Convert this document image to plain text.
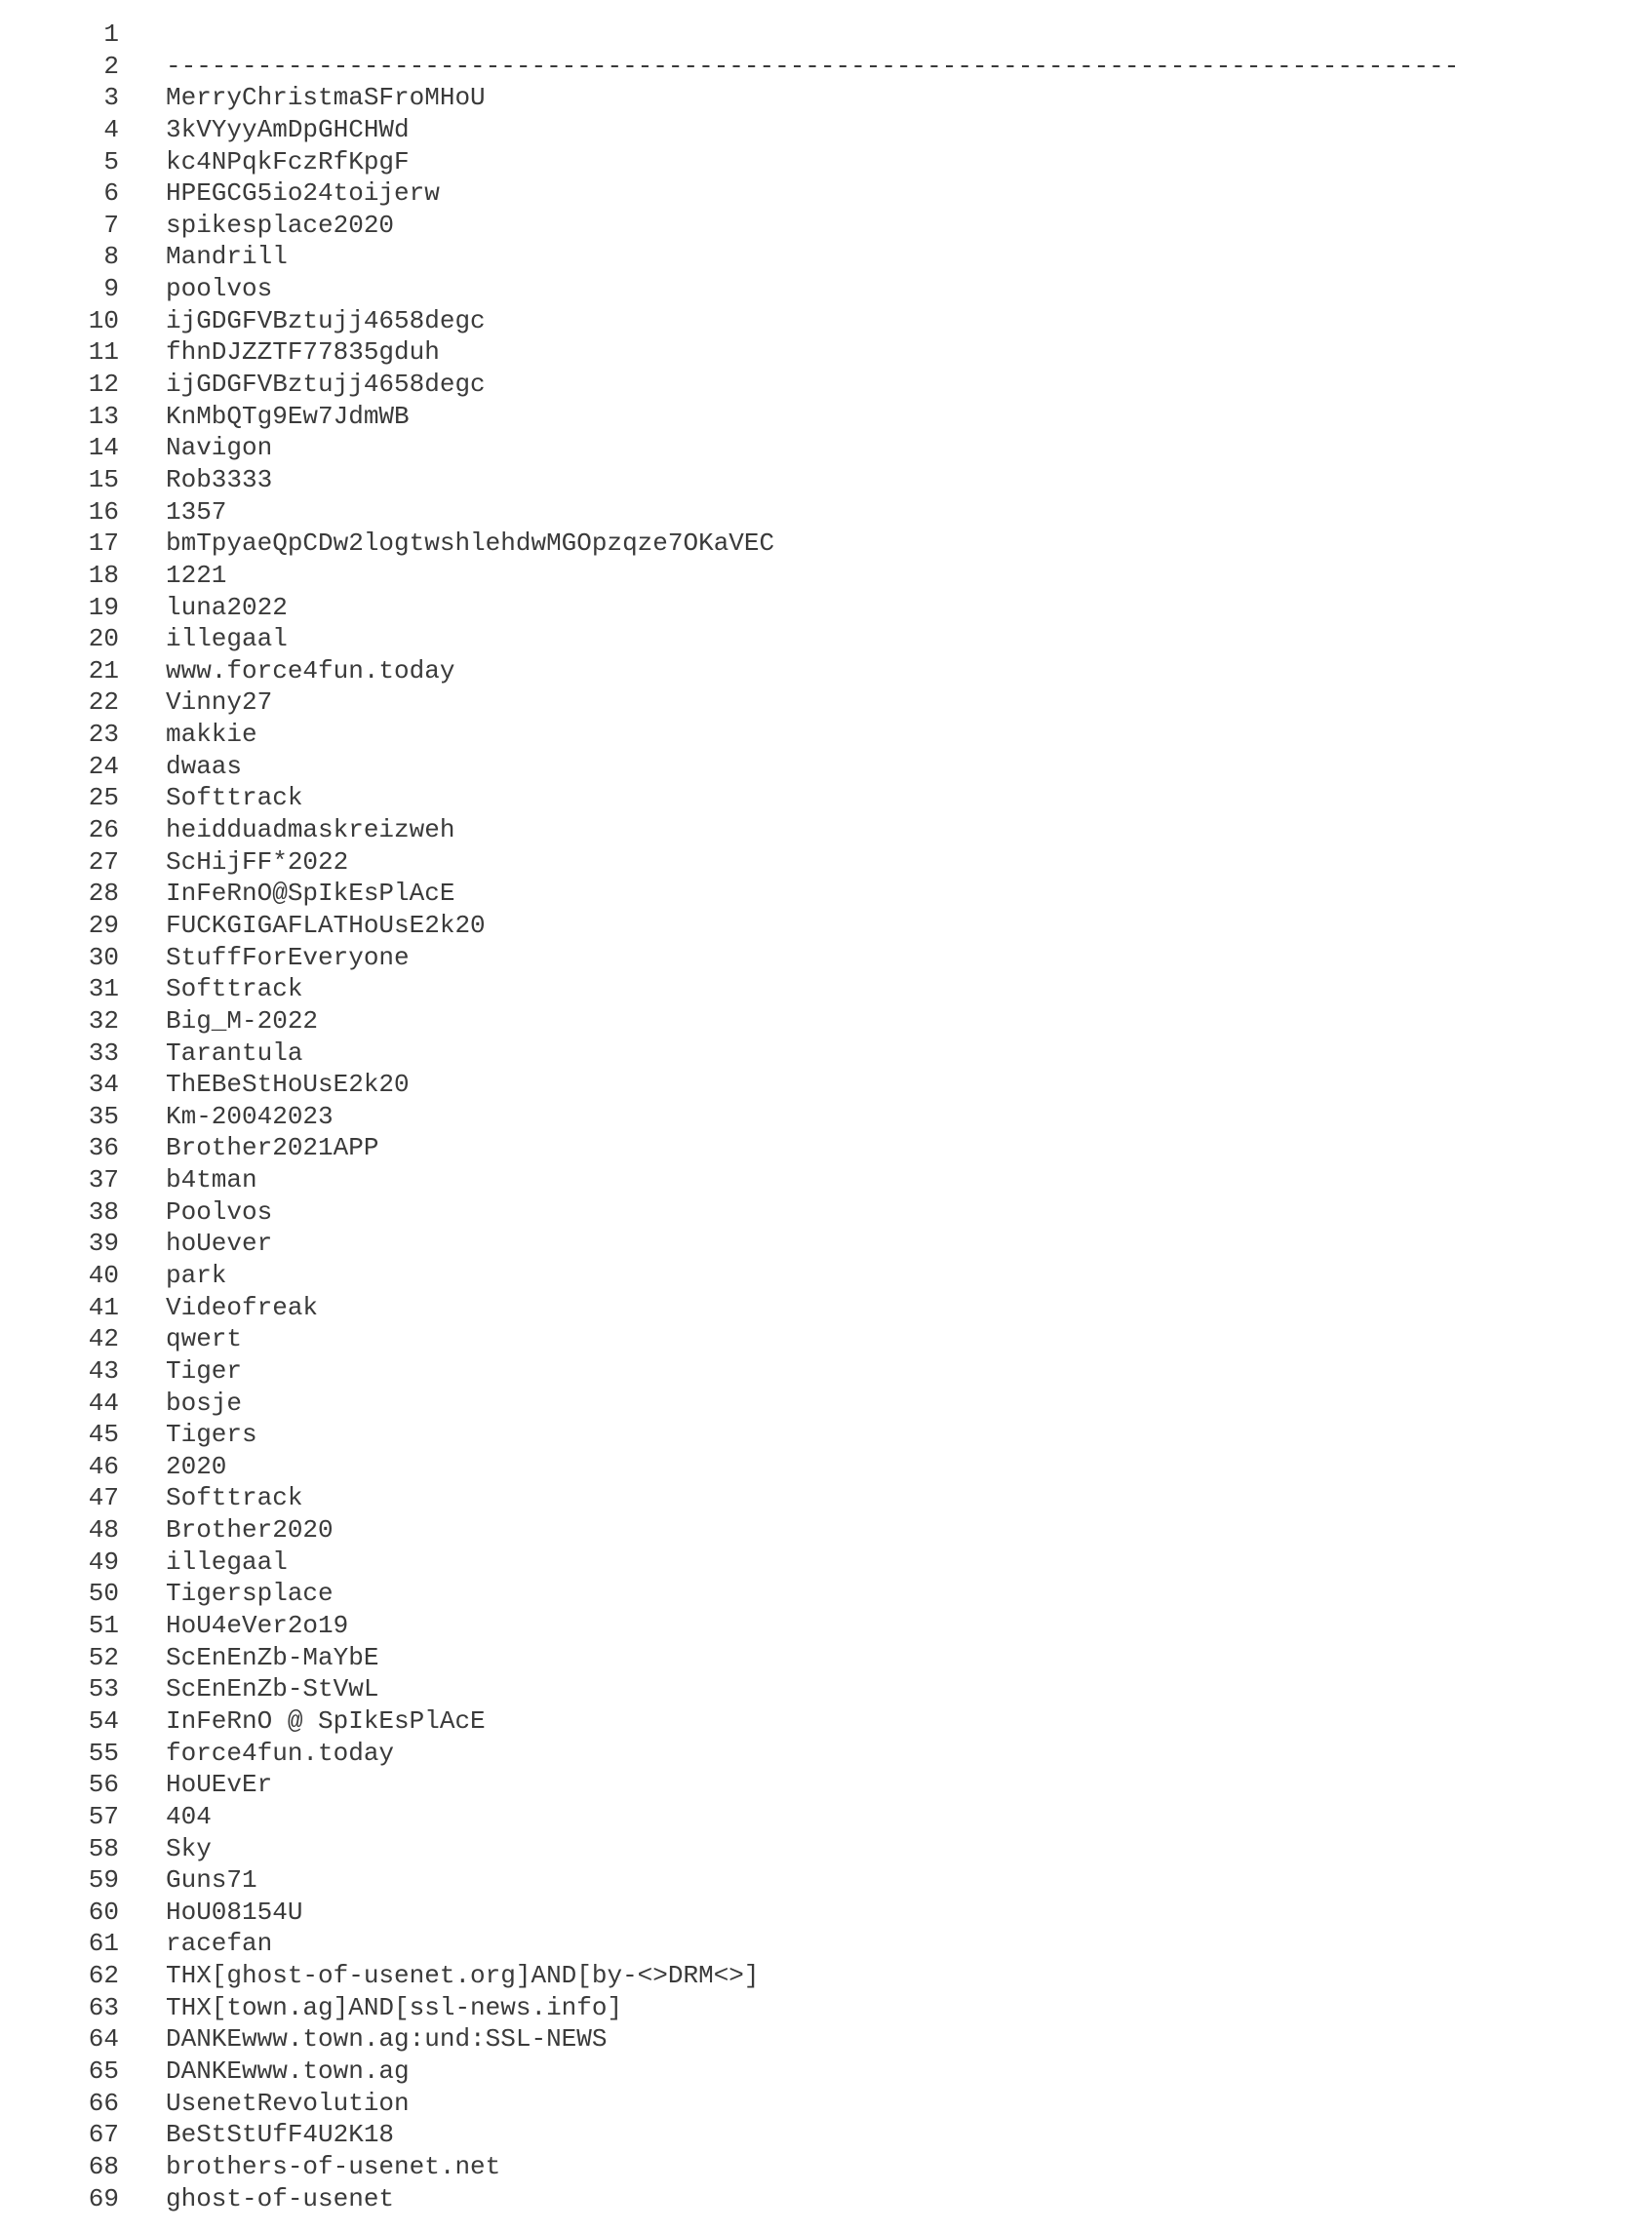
1
2 -------------------------------------------------------------------------------------
3 MerryChristmaSFroMHoU
4 3kVYyyAmDpGHCHWd
5 kc4NPqkFczRfKpgF
6 HPEGCG5io24toijerw
7 spikesplace2020
8 Mandrill
9 poolvos
10 ijGDGFVBztujj4658degc
11 fhnDJZZTF77835gduh
12 ijGDGFVBztujj4658degc
13 KnMbQTg9Ew7JdmWB
14 Navigon
15 Rob3333
16 1357
17 bmTpyaeQpCDw2logtwshlehdwMGOpzqze7OKaVEC
18 1221
19 luna2022
20 illegaal
21 www.force4fun.today
22 Vinny27
23 makkie
24 dwaas
25 Softtrack
26 heidduadmaskreizweh
27 ScHijFF*2022
28 InFeRnO@SpIkEsPlAcE
29 FUCKGIGAFLATHoUsE2k20
30 StuffForEveryone
31 Softtrack
32 Big_M-2022
33 Tarantula
34 ThEBeStHoUsE2k20
35 Km-20042023
36 Brother2021APP
37 b4tman
38 Poolvos
39 hoUever
40 park
41 Videofreak
42 qwert
43 Tiger
44 bosje
45 Tigers
46 2020
47 Softtrack
48 Brother2020
49 illegaal
50 Tigersplace
51 HoU4eVer2o19
52 ScEnEnZb-MaYbE
53 ScEnEnZb-StVwL
54 InFeRnO @ SpIkEsPlAcE
55 force4fun.today
56 HoUEvEr
57 404
58 Sky
59 Guns71
60 HoU08154U
61 racefan
62 THX[ghost-of-usenet.org]AND[by-<>DRM<>]
63 THX[town.ag]AND[ssl-news.info]
64 DANKEwww.town.ag:und:SSL-NEWS
65 DANKEwww.town.ag
66 UsenetRevolution
67 BeStStUfF4U2K18
68 brothers-of-usenet.net
69 ghost-of-usenet
